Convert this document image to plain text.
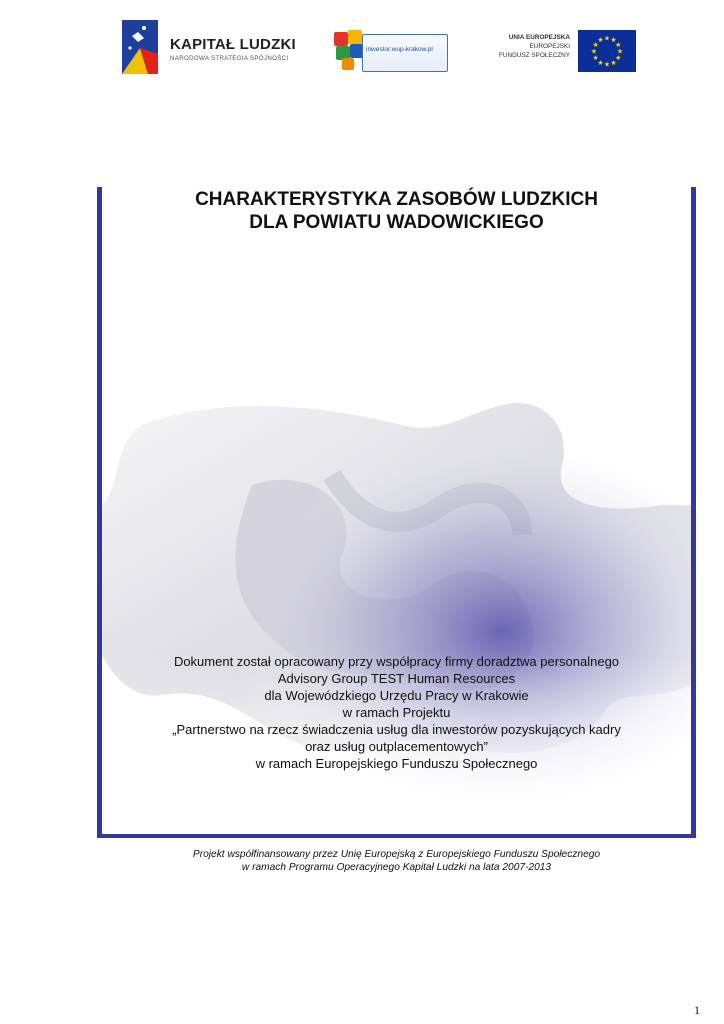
KAPITAŁ LUDZKI
NARODOWA STRATEGIA SPÓJNOŚCI
inwestor.wup-krakow.pl
UNIA EUROPEJSKA
EUROPEJSKI
FUNDUSZ SPOŁECZNY
★ ★
★
★
★
★
★
★
★
★
★
★
CHARAKTERYSTYKA ZASOBÓW LUDZKICH
DLA POWIATU WADOWICKIEGO
Dokument został opracowany przy współpracy firmy doradztwa personalnego
Advisory Group TEST Human Resources
dla Wojewódzkiego Urzędu Pracy w Krakowie
w ramach Projektu
„Partnerstwo na rzecz świadczenia usług dla inwestorów pozyskujących kadry
oraz usług outplacementowych”
w ramach Europejskiego Funduszu Społecznego
Projekt współfinansowany przez Unię Europejską z Europejskiego Funduszu Społecznego
w ramach Programu Operacyjnego Kapitał Ludzki na lata 2007-2013
1
